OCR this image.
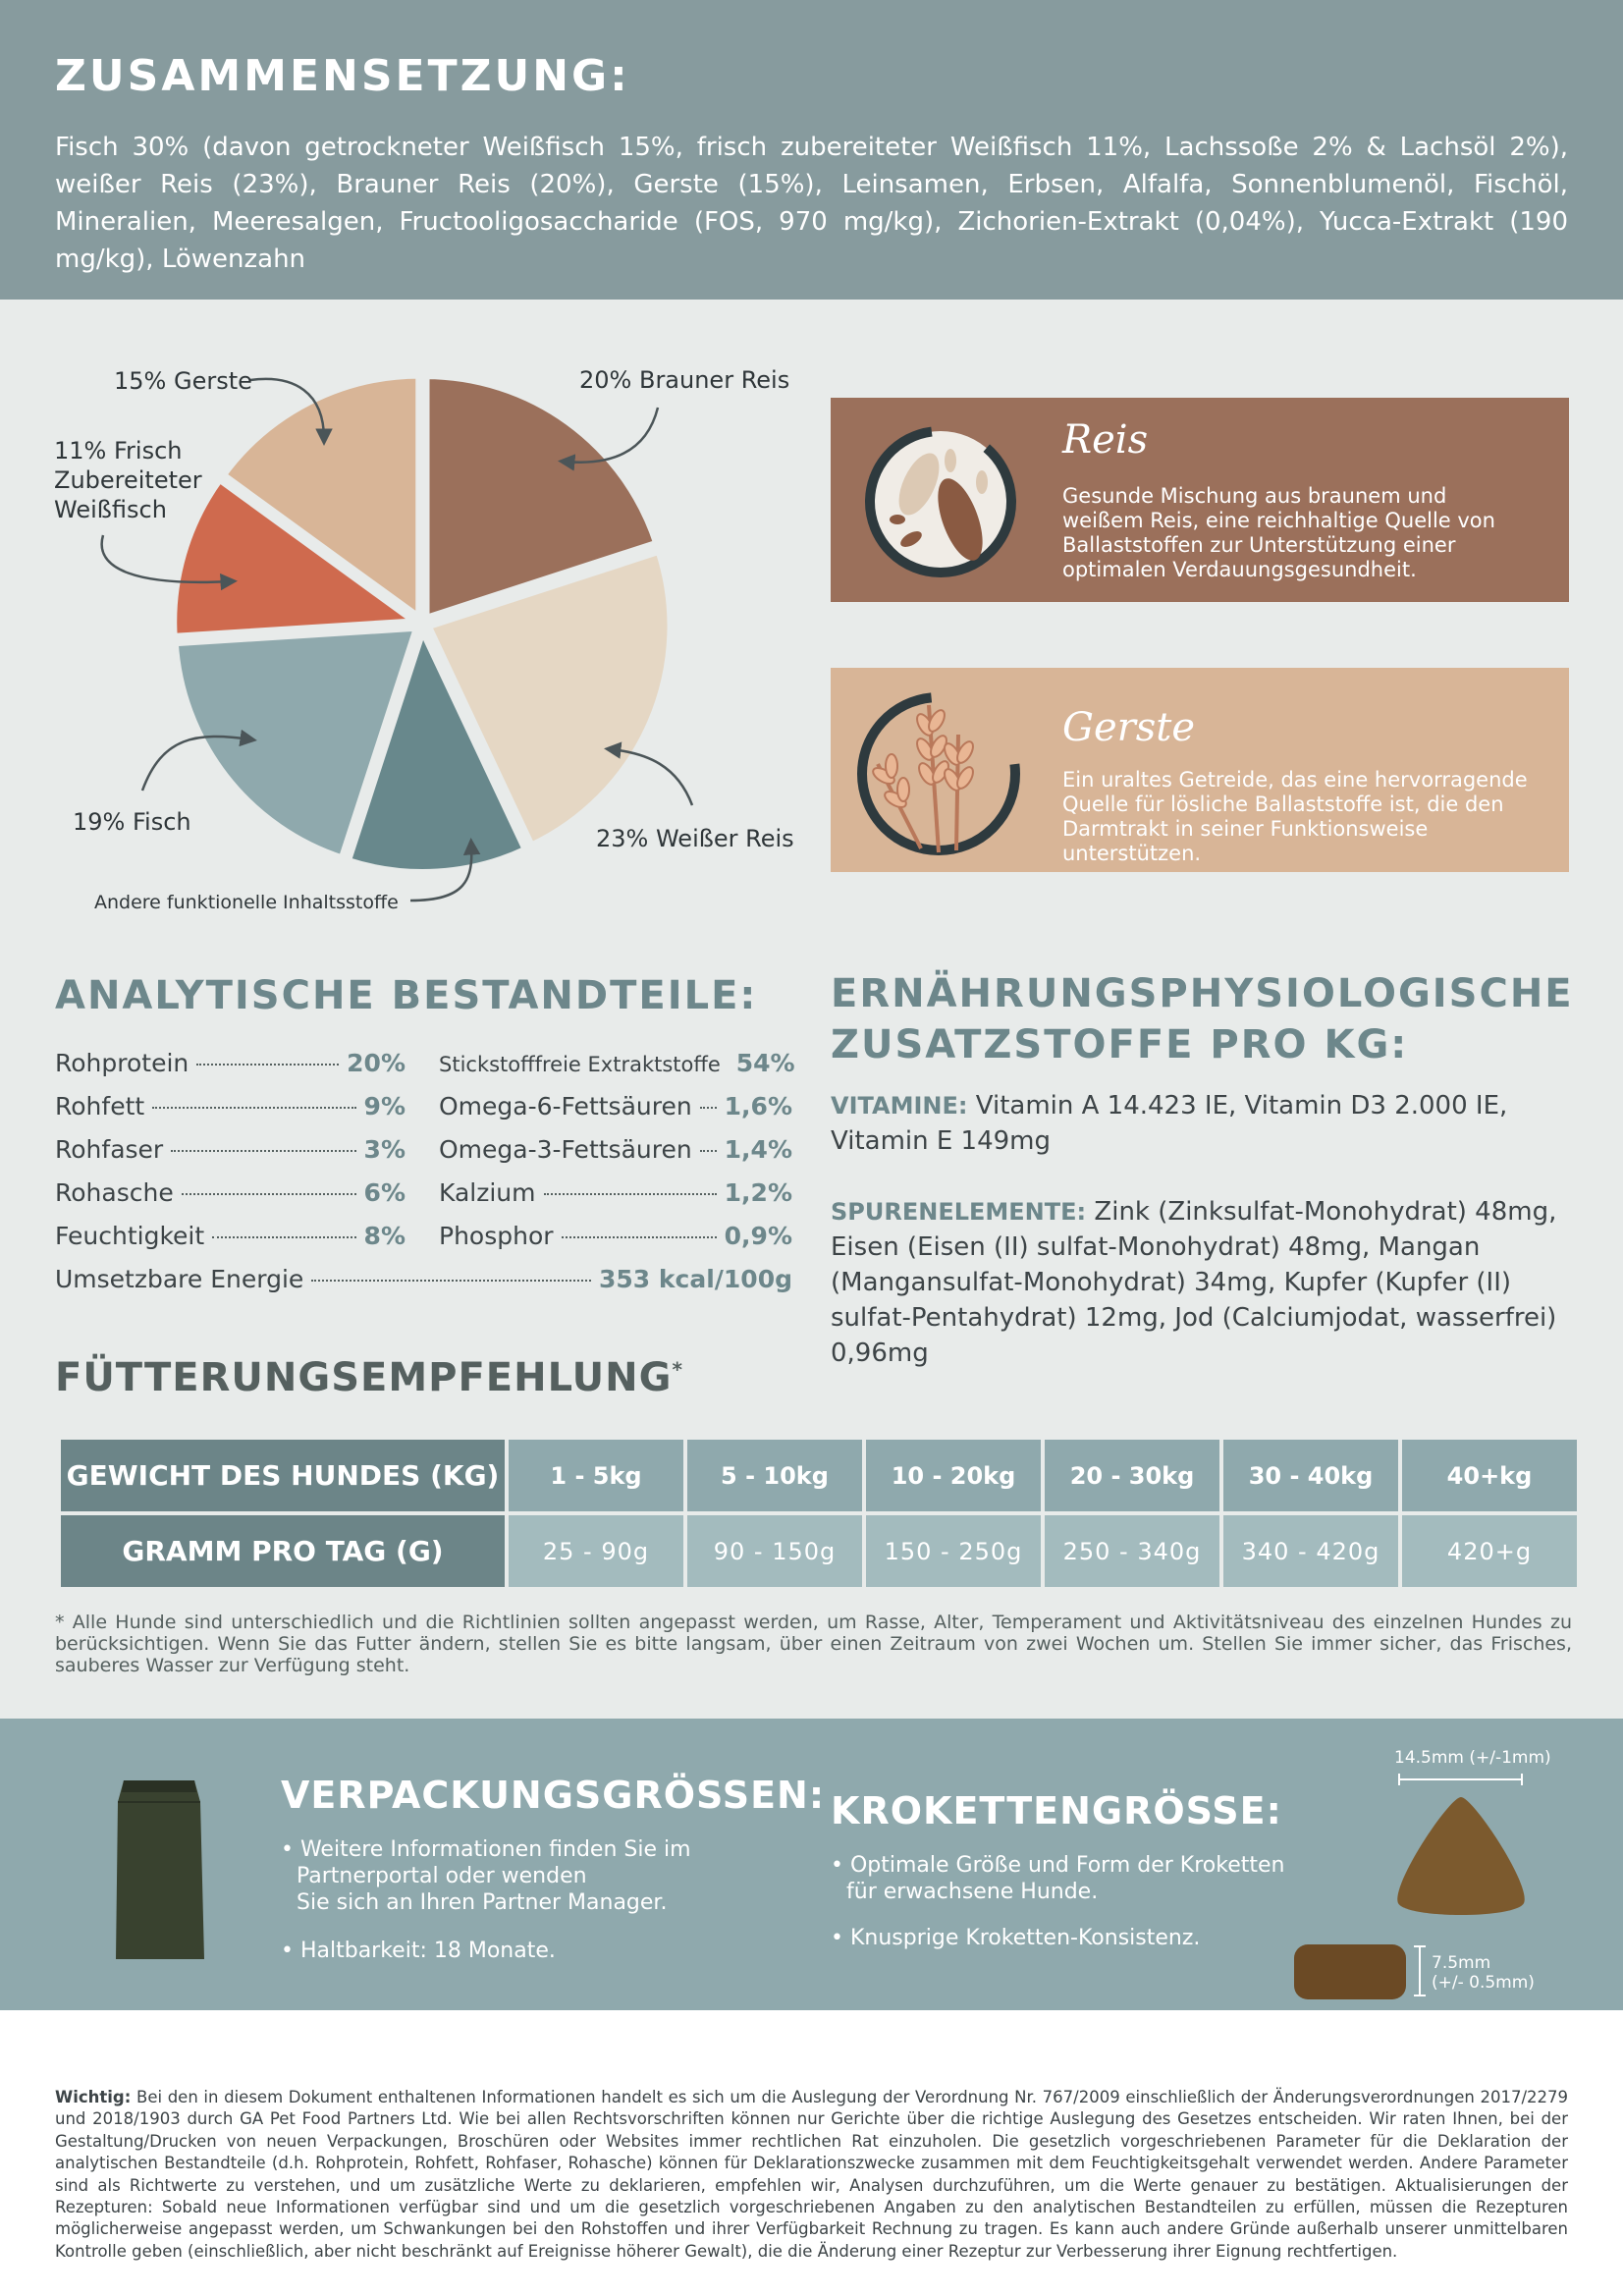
ZUSAMMENSETZUNG:

Fisch 30% (davon getrockneter Weißfisch 15%, frisch zubereiteter Weißfisch 11%, Lachssoße 2% & Lachsöl 2%), weißer Reis (23%), Brauner Reis (20%), Gerste (15%), Leinsamen, Erbsen, Alfalfa, Sonnenblumenöl, Fischöl, Mineralien, Meeresalgen, Fructooligosaccharide (FOS, 970 mg/kg), Zichorien-Extrakt (0,04%), Yucca-Extrakt (190 mg/kg), Löwenzahn

15% Gerste	20% Brauner Reis
11% Frisch
Zubereiteter
Weißfisch
19% Fisch
23% Weißer Reis
Andere funktionelle Inhaltsstoffe
Reis
Gesunde Mischung aus braunem und weißem Reis, eine reichhaltige Quelle von Ballaststoffen zur Unterstützung einer optimalen Verdauungsgesundheit.
Gerste
Ein uraltes Getreide, das eine hervorragende Quelle für lösliche Ballaststoffe ist, die den Darmtrakt in seiner Funktionsweise unterstützen.
ANALYTISCHE BESTANDTEILE:
Rohprotein	20%
Rohfett	9%
Rohfaser	3%
Rohasche	6%
Feuchtigkeit	8%
Stickstofffreie Extraktstoffe 54%
Omega-6-Fettsäuren 1,6%
Omega-3-Fettsäuren 1,4%
Kalzium	1,2%
Phosphor	0,9%
Umsetzbare Energie	353 kcal/100g
ERNÄHRUNGSPHYSIOLOGISCHE
ZUSATZSTOFFE PRO KG:
VITAMINE: Vitamin A 14.423 IE, Vitamin D3 2.000 IE, Vitamin E 149mg
SPURENELEMENTE: Zink (Zinksulfat-Monohydrat) 48mg, Eisen (Eisen (II) sulfat-Monohydrat) 48mg, Mangan (Mangansulfat-Monohydrat) 34mg, Kupfer (Kupfer (II) sulfat-Pentahydrat) 12mg, Jod (Calciumjodat, wasserfrei) 0,96mg
FÜTTERUNGSEMPFEHLUNG*
GEWICHT DES HUNDES (KG)	1 - 5kg	5 - 10kg	10 - 20kg	20 - 30kg	30 - 40kg	40+kg
GRAMM PRO TAG (G)	25 - 90g	90 - 150g	150 - 250g	250 - 340g	340 - 420g	420+g
* Alle Hunde sind unterschiedlich und die Richtlinien sollten angepasst werden, um Rasse, Alter, Temperament und Aktivitätsniveau des einzelnen Hundes zu berücksichtigen. Wenn Sie das Futter ändern, stellen Sie es bitte langsam, über einen Zeitraum von zwei Wochen um. Stellen Sie immer sicher, das Frisches, sauberes Wasser zur Verfügung steht.
VERPACKUNGSGRÖSSEN:
• Weitere Informationen finden Sie im
Partnerportal oder wenden
Sie sich an Ihren Partner Manager.
• Haltbarkeit: 18 Monate.
KROKETTENGRÖSSE:
• Optimale Größe und Form der Kroketten
für erwachsene Hunde.
• Knusprige Kroketten-Konsistenz.
14.5mm (+/-1mm)
7.5mm
(+/- 0.5mm)

Wichtig: Bei den in diesem Dokument enthaltenen Informationen handelt es sich um die Auslegung der Verordnung Nr. 767/2009 einschließlich der Änderungsverordnungen 2017/2279 und 2018/1903 durch GA Pet Food Partners Ltd. Wie bei allen Rechtsvorschriften können nur Gerichte über die richtige Auslegung des Gesetzes entscheiden. Wir raten Ihnen, bei der Gestaltung/Drucken von neuen Verpackungen, Broschüren oder Websites immer rechtlichen Rat einzuholen. Die gesetzlich vorgeschriebenen Parameter für die Deklaration der analytischen Bestandteile (d.h. Rohprotein, Rohfett, Rohfaser, Rohasche) können für Deklarationszwecke zusammen mit dem Feuchtigkeitsgehalt verwendet werden. Andere Parameter sind als Richtwerte zu verstehen, und um zusätzliche Werte zu deklarieren, empfehlen wir, Analysen durchzuführen, um die Werte genauer zu bestätigen. Aktualisierungen der Rezepturen: Sobald neue Informationen verfügbar sind und um die gesetzlich vorgeschriebenen Angaben zu den analytischen Bestandteilen zu erfüllen, müssen die Rezepturen möglicherweise angepasst werden, um Schwankungen bei den Rohstoffen und ihrer Verfügbarkeit Rechnung zu tragen. Es kann auch andere Gründe außerhalb unserer unmittelbaren Kontrolle geben (einschließlich, aber nicht beschränkt auf Ereignisse höherer Gewalt), die die Änderung einer Rezeptur zur Verbesserung ihrer Eignung rechtfertigen.
